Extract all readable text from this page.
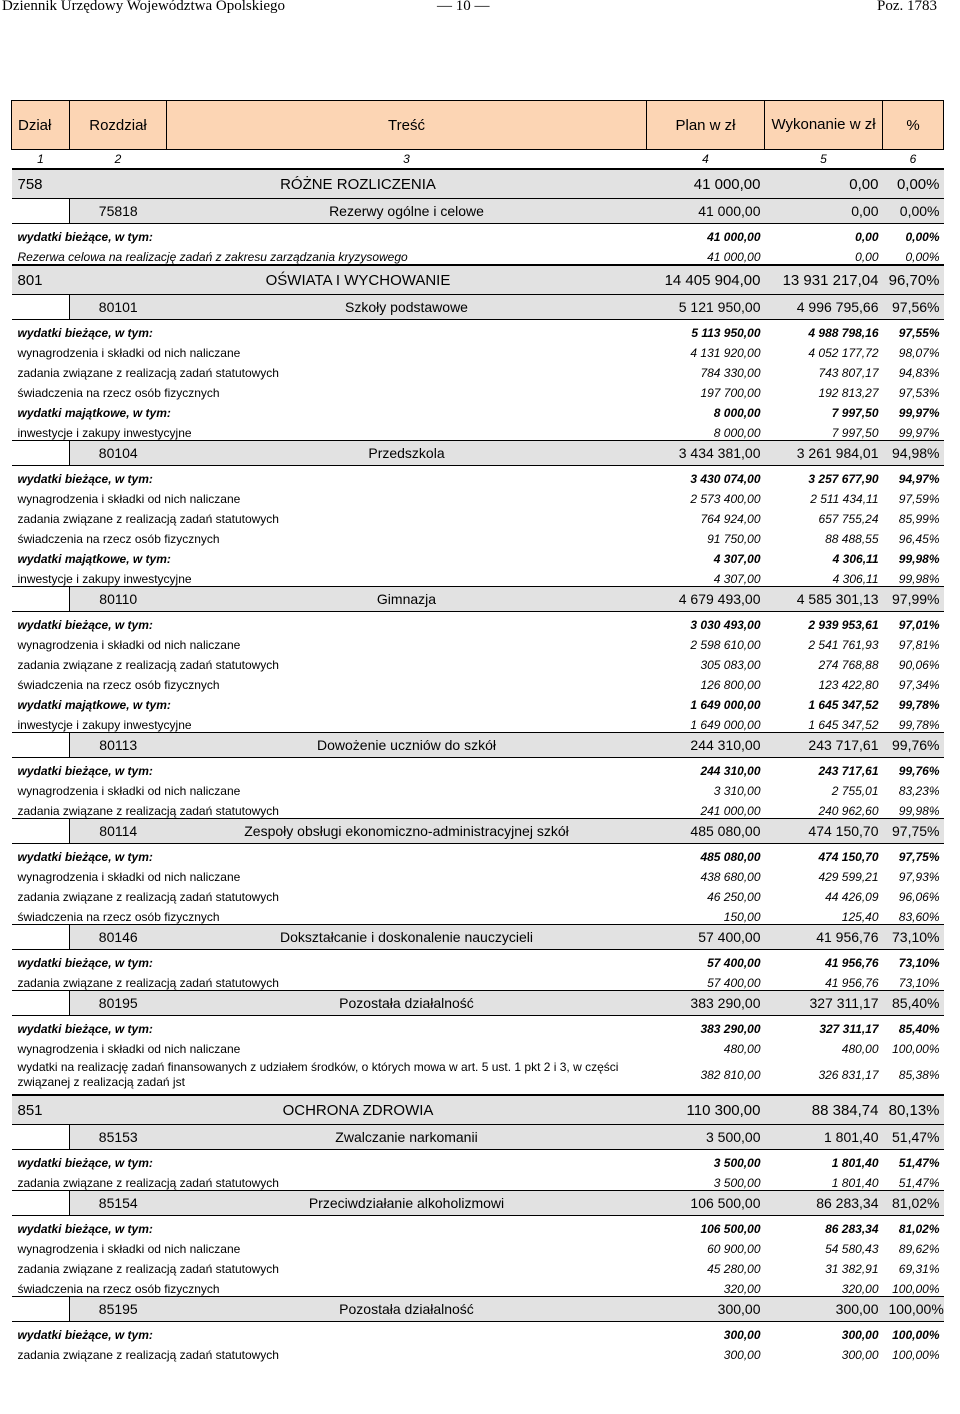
Dziennik Urzędowy Województwa Opolskiego	— 10 —	Poz. 1783
Dział	Rozdział	Treść	Plan w zł	Wykonanie w zł	%
1	2	3	4	5	6
758	RÓŻNE ROZLICZENIA		41 000,00	0,00	0,00%
	75818	Rezerwy ogólne i celowe	41 000,00	0,00	0,00%
wydatki bieżące, w tym:			41 000,00	0,00	0,00%
Rezerwa celowa na realizację zadań z zakresu zarządzania kryzysowego			41 000,00	0,00	0,00%
801	OŚWIATA I WYCHOWANIE		14 405 904,00	13 931 217,04	96,70%
	80101	Szkoły podstawowe	5 121 950,00	4 996 795,66	97,56%
wydatki bieżące, w tym:			5 113 950,00	4 988 798,16	97,55%
wynagrodzenia i składki od nich naliczane			4 131 920,00	4 052 177,72	98,07%
zadania związane z realizacją zadań statutowych			784 330,00	743 807,17	94,83%
świadczenia na rzecz osób fizycznych			197 700,00	192 813,27	97,53%
wydatki majątkowe, w tym:			8 000,00	7 997,50	99,97%
inwestycje i zakupy inwestycyjne			8 000,00	7 997,50	99,97%
	80104	Przedszkola	3 434 381,00	3 261 984,01	94,98%
wydatki bieżące, w tym:			3 430 074,00	3 257 677,90	94,97%
wynagrodzenia i składki od nich naliczane			2 573 400,00	2 511 434,11	97,59%
zadania związane z realizacją zadań statutowych			764 924,00	657 755,24	85,99%
świadczenia na rzecz osób fizycznych			91 750,00	88 488,55	96,45%
wydatki majątkowe, w tym:			4 307,00	4 306,11	99,98%
inwestycje i zakupy inwestycyjne			4 307,00	4 306,11	99,98%
	80110	Gimnazja	4 679 493,00	4 585 301,13	97,99%
wydatki bieżące, w tym:			3 030 493,00	2 939 953,61	97,01%
wynagrodzenia i składki od nich naliczane			2 598 610,00	2 541 761,93	97,81%
zadania związane z realizacją zadań statutowych			305 083,00	274 768,88	90,06%
świadczenia na rzecz osób fizycznych			126 800,00	123 422,80	97,34%
wydatki majątkowe, w tym:			1 649 000,00	1 645 347,52	99,78%
inwestycje i zakupy inwestycyjne			1 649 000,00	1 645 347,52	99,78%
	80113	Dowożenie uczniów do szkół	244 310,00	243 717,61	99,76%
wydatki bieżące, w tym:			244 310,00	243 717,61	99,76%
wynagrodzenia i składki od nich naliczane			3 310,00	2 755,01	83,23%
zadania związane z realizacją zadań statutowych			241 000,00	240 962,60	99,98%
	80114	Zespoły obsługi ekonomiczno-administracyjnej szkół	485 080,00	474 150,70	97,75%
wydatki bieżące, w tym:			485 080,00	474 150,70	97,75%
wynagrodzenia i składki od nich naliczane			438 680,00	429 599,21	97,93%
zadania związane z realizacją zadań statutowych			46 250,00	44 426,09	96,06%
świadczenia na rzecz osób fizycznych			150,00	125,40	83,60%
	80146	Dokształcanie i doskonalenie nauczycieli	57 400,00	41 956,76	73,10%
wydatki bieżące, w tym:			57 400,00	41 956,76	73,10%
zadania związane z realizacją zadań statutowych			57 400,00	41 956,76	73,10%
	80195	Pozostała działalność	383 290,00	327 311,17	85,40%
wydatki bieżące, w tym:			383 290,00	327 311,17	85,40%
wynagrodzenia i składki od nich naliczane			480,00	480,00	100,00%
wydatki na realizację zadań finansowanych z udziałem środków, o których mowa w art. 5 ust. 1 pkt 2 i 3, w części związanej z realizacją zadań jst			382 810,00	326 831,17	85,38%
851	OCHRONA ZDROWIA		110 300,00	88 384,74	80,13%
	85153	Zwalczanie narkomanii	3 500,00	1 801,40	51,47%
wydatki bieżące, w tym:			3 500,00	1 801,40	51,47%
zadania związane z realizacją zadań statutowych			3 500,00	1 801,40	51,47%
	85154	Przeciwdziałanie alkoholizmowi	106 500,00	86 283,34	81,02%
wydatki bieżące, w tym:			106 500,00	86 283,34	81,02%
wynagrodzenia i składki od nich naliczane			60 900,00	54 580,43	89,62%
zadania związane z realizacją zadań statutowych			45 280,00	31 382,91	69,31%
świadczenia na rzecz osób fizycznych			320,00	320,00	100,00%
	85195	Pozostała działalność	300,00	300,00	100,00%
wydatki bieżące, w tym:			300,00	300,00	100,00%
zadania związane z realizacją zadań statutowych			300,00	300,00	100,00%
